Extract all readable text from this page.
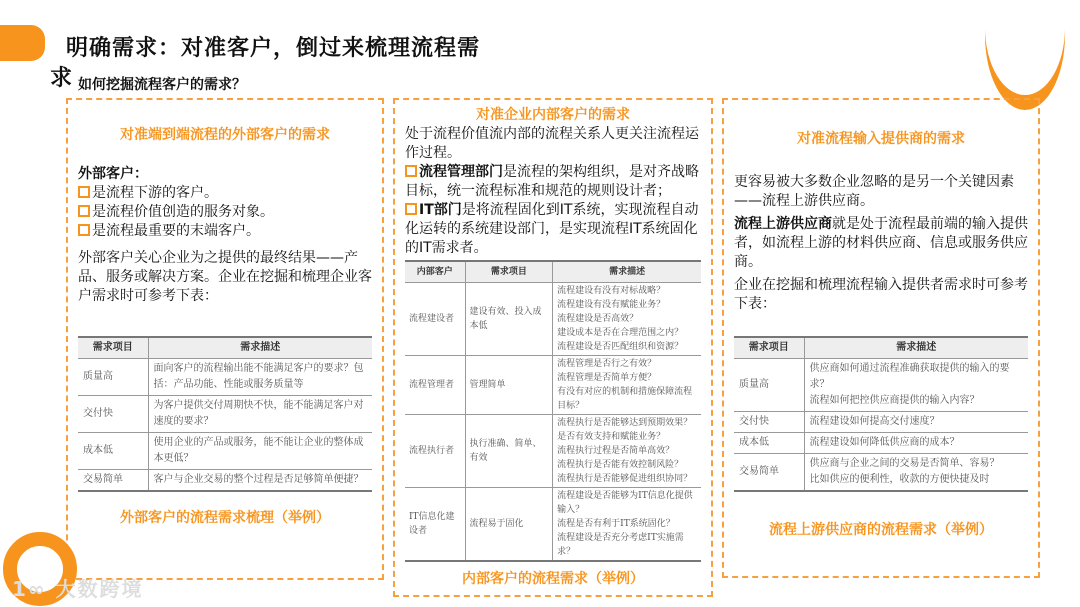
明确需求：对准客户，倒过来梳理流程需
求 如何挖掘流程客户的需求？
对准端到端流程的外部客户的需求
外部客户：
是流程下游的客户。
是流程价值创造的服务对象。
是流程最重要的末端客户。
外部客户关心企业为之提供的最终结果——产品、服务或解决方案。企业在挖掘和梳理企业客户需求时可参考下表：
需求项目	需求描述
质量高	面向客户的流程输出能不能满足客户的要求？包括：产品功能、性能或服务质量等
交付快	为客户提供交付周期快不快，能不能满足客户对速度的要求？
成本低	使用企业的产品或服务，能不能让企业的整体成本更低？
交易简单	客户与企业交易的整个过程是否足够简单便捷？
外部客户的流程需求梳理（举例）
对准企业内部客户的需求
处于流程价值流内部的流程关系人更关注流程运作过程。
流程管理部门是流程的架构组织，是对齐战略目标，统一流程标准和规范的规则设计者；
IT部门是将流程固化到IT系统，实现流程自动化运转的系统建设部门，是实现流程IT系统固化的IT需求者。
内部客户	需求项目	需求描述
流程建设者	建设有效、投入成本低	流程建设有没有对标战略？
流程建设有没有赋能业务？
流程建设是否高效？
建设成本是否在合理范围之内？
流程建设是否匹配组织和资源？
流程管理者	管理简单	流程管理是否行之有效？
流程管理是否简单方便？
有没有对应的机制和措施保障流程目标？
流程执行者	执行准确、简单、有效	流程执行是否能够达到预期效果？
是否有效支持和赋能业务？
流程执行过程是否简单高效？
流程执行是否能有效控制风险？
流程执行是否能够促进组织协同？
IT信息化建设者	流程易于固化	流程建设是否能够为IT信息化提供输入？
流程是否有利于IT系统固化？
流程建设是否充分考虑IT实施需求？
内部客户的流程需求（举例）
对准流程输入提供商的需求
更容易被大多数企业忽略的是另一个关键因素——流程上游供应商。
流程上游供应商就是处于流程最前端的输入提供者，如流程上游的材料供应商、信息或服务供应商。
企业在挖掘和梳理流程输入提供者需求时可参考下表：
需求项目	需求描述
质量高	供应商如何通过流程准确获取提供的输入的要求？
流程如何把控供应商提供的输入内容？
交付快	流程建设如何提高交付速度？
成本低	流程建设如何降低供应商的成本？
交易简单	供应商与企业之间的交易是否简单、容易？
比如供应的便利性，收款的方便快捷及时
流程上游供应商的流程需求（举例）
1∞ 大数跨境
